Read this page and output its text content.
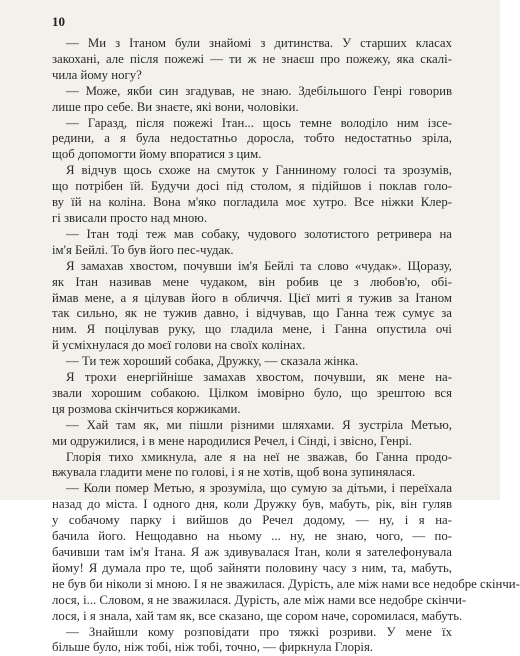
10
— Ми з Ітаном були знайомі з дитинства. У старших класах
закохані, але після пожежі — ти ж не знаєш про пожежу, яка скалі-
чила йому ногу?
— Може, якби син згадував, не знаю. Здебільшого Генрі говорив
лише про себе. Ви знаєте, які вони, чоловіки.
— Гаразд, після пожежі Ітан... щось темне володіло ним ізсе-
редини, а я була недостатньо доросла, тобто недостатньо зріла,
щоб допомогти йому впоратися з цим.
Я відчув щось схоже на смуток у Ганниному голосі та зрозумів,
що потрібен їй. Будучи досі під столом, я підійшов і поклав голо-
ву їй на коліна. Вона м'яко погладила моє хутро. Все ніжки Клер-
гі звисали просто над мною.
— Ітан тоді теж мав собаку, чудового золотистого ретривера на
ім'я Бейлі. То був його пес-чудак.
Я замахав хвостом, почувши ім'я Бейлі та слово «чудак». Щоразу,
як Ітан називав мене чудаком, він робив це з любов'ю, обі-
ймав мене, а я цілував його в обличчя. Цієї миті я тужив за Ітаном
так сильно, як не тужив давно, і відчував, що Ганна теж сумує за
ним. Я поцілував руку, що гладила мене, і Ганна опустила очі
й усміхнулася до моєї голови на своїх колінах.
— Ти теж хороший собака, Дружку, — сказала жінка.
Я трохи енергійніше замахав хвостом, почувши, як мене на-
звали хорошим собакою. Цілком імовірно було, що зрештою вся
ця розмова скінчиться коржиками.
— Хай там як, ми пішли різними шляхами. Я зустріла Метью,
ми одружилися, і в мене народилися Речел, і Сінді, і звісно, Генрі.
Глорія тихо хмикнула, але я на неї не зважав, бо Ганна продо-
вжувала гладити мене по голові, і я не хотів, щоб вона зупинялася.
— Коли помер Метью, я зрозуміла, що сумую за дітьми, і переїхала
назад до міста. І одного дня, коли Дружку був, мабуть, рік, він гуляв
у собачому парку і вийшов до Речел додому, — ну, і я на-
бачила його. Нещодавно на ньому ... ну, не знаю, чого, — по-
бачивши там ім'я Ітана. Я аж здивувалася Ітан, коли я зателефонувала
йому! Я думала про те, щоб зайняти половину часу з ним, та, мабуть,
не був би ніколи зі мною. І я не зважилася. Дурість, але між нами все недобре скінчи-
лося, і... Словом, я не зважилася. Дурість, але між нами все недобре скінчи-
лося, і я знала, хай там як, все сказано, ще сором наче, соромилася, мабуть.
— Знайшли кому розповідати про тяжкі розриви. У мене їх
більше було, ніж тобі, ніж тобі, точно, — фиркнула Глорія.
